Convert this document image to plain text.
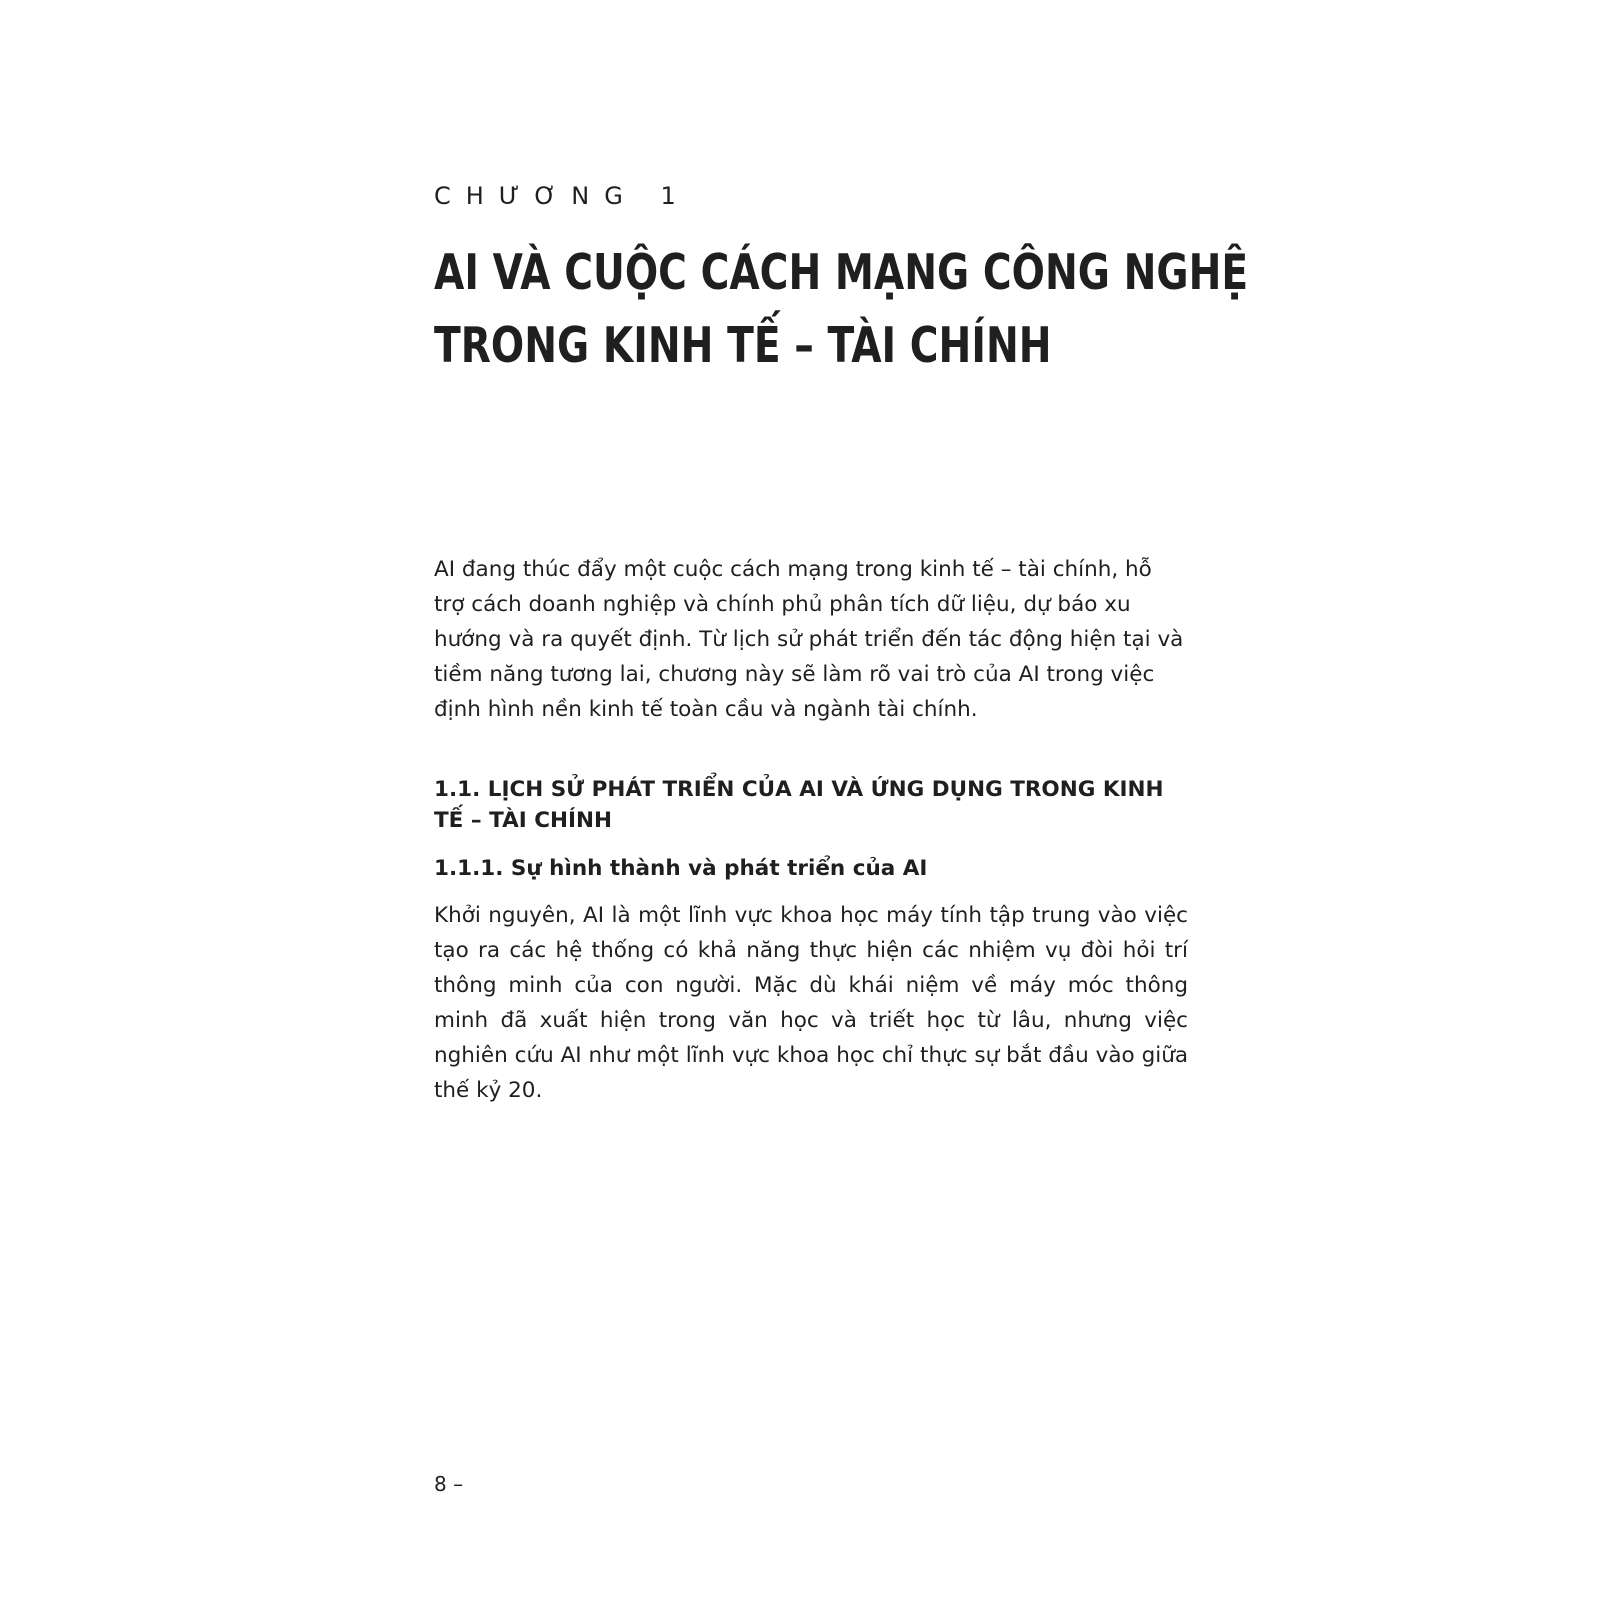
CHƯƠNG 1
AI VÀ CUỘC CÁCH MẠNG CÔNG NGHỆ
TRONG KINH TẾ – TÀI CHÍNH

AI đang thúc đẩy một cuộc cách mạng trong kinh tế – tài chính, hỗ trợ cách doanh nghiệp và chính phủ phân tích dữ liệu, dự báo xu hướng và ra quyết định. Từ lịch sử phát triển đến tác động hiện tại và tiềm năng tương lai, chương này sẽ làm rõ vai trò của AI trong việc định hình nền kinh tế toàn cầu và ngành tài chính.

1.1. LỊCH SỬ PHÁT TRIỂN CỦA AI VÀ ỨNG DỤNG TRONG KINH TẾ – TÀI CHÍNH
1.1.1. Sự hình thành và phát triển của AI

Khởi nguyên, AI là một lĩnh vực khoa học máy tính tập trung vào việc tạo ra các hệ thống có khả năng thực hiện các nhiệm vụ đòi hỏi trí thông minh của con người. Mặc dù khái niệm về máy móc thông minh đã xuất hiện trong văn học và triết học từ lâu, nhưng việc nghiên cứu AI như một lĩnh vực khoa học chỉ thực sự bắt đầu vào giữa thế kỷ 20.

8 –
